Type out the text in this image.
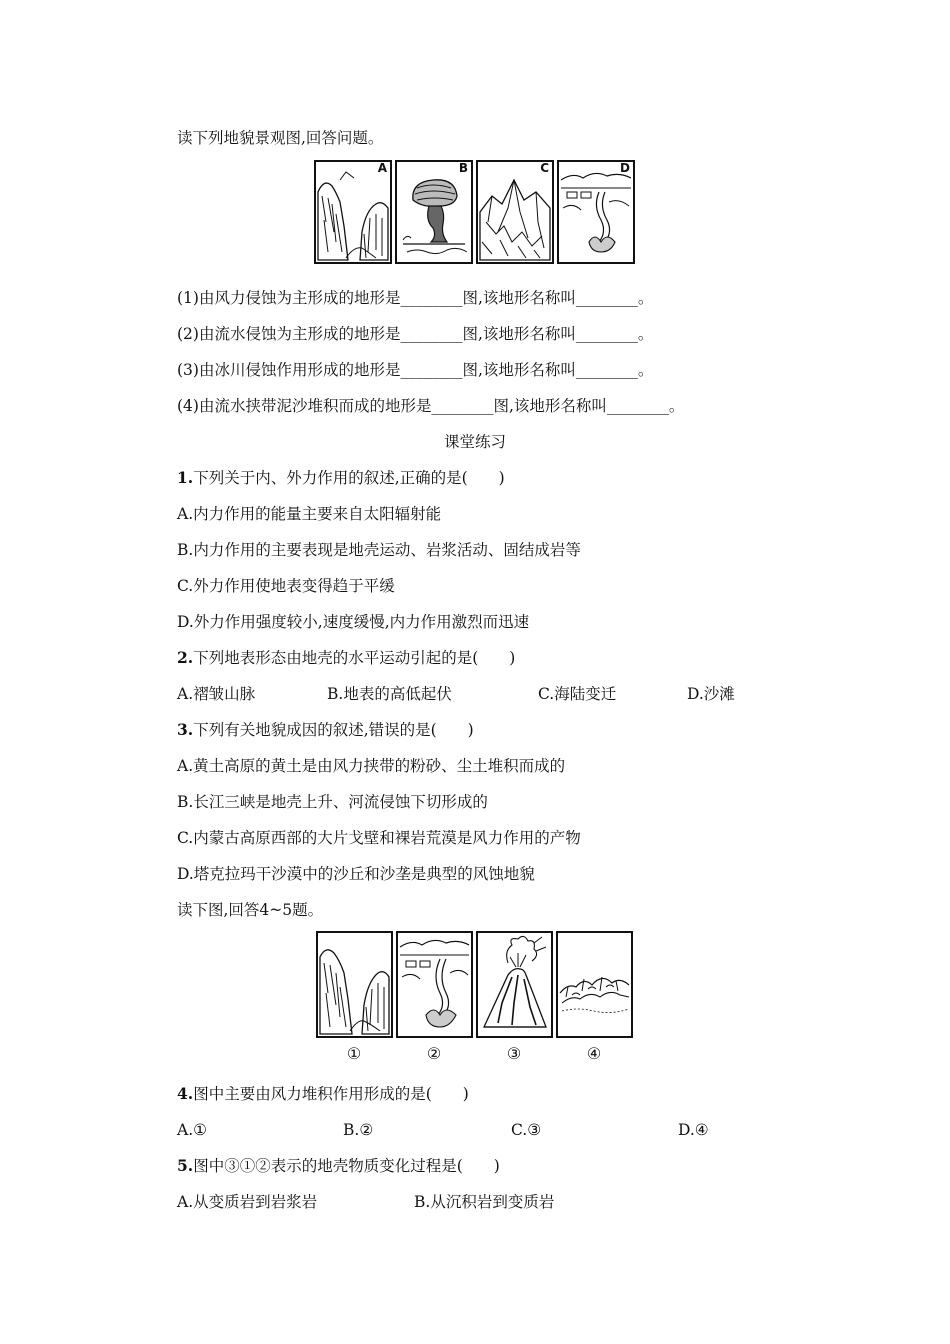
读下列地貌景观图,回答问题。
A	B	C	D
(1)由风力侵蚀为主形成的地形是________图,该地形名称叫________。
(2)由流水侵蚀为主形成的地形是________图,该地形名称叫________。
(3)由冰川侵蚀作用形成的地形是________图,该地形名称叫________。
(4)由流水挟带泥沙堆积而成的地形是________图,该地形名称叫________。
课堂练习
1.下列关于内、外力作用的叙述,正确的是(　　)
A.内力作用的能量主要来自太阳辐射能
B.内力作用的主要表现是地壳运动、岩浆活动、固结成岩等
C.外力作用使地表变得趋于平缓
D.外力作用强度较小,速度缓慢,内力作用激烈而迅速
2.下列地表形态由地壳的水平运动引起的是(　　)
A.褶皱山脉	B.地表的高低起伏	C.海陆变迁	D.沙滩
3.下列有关地貌成因的叙述,错误的是(　　)
A.黄土高原的黄土是由风力挟带的粉砂、尘土堆积而成的
B.长江三峡是地壳上升、河流侵蚀下切形成的
C.内蒙古高原西部的大片戈壁和裸岩荒漠是风力作用的产物
D.塔克拉玛干沙漠中的沙丘和沙垄是典型的风蚀地貌
读下图,回答4~5题。
①	②	③	④
4.图中主要由风力堆积作用形成的是(　　)
A.①	B.②	C.③	D.④
5.图中③①②表示的地壳物质变化过程是(　　)
A.从变质岩到岩浆岩	B.从沉积岩到变质岩
